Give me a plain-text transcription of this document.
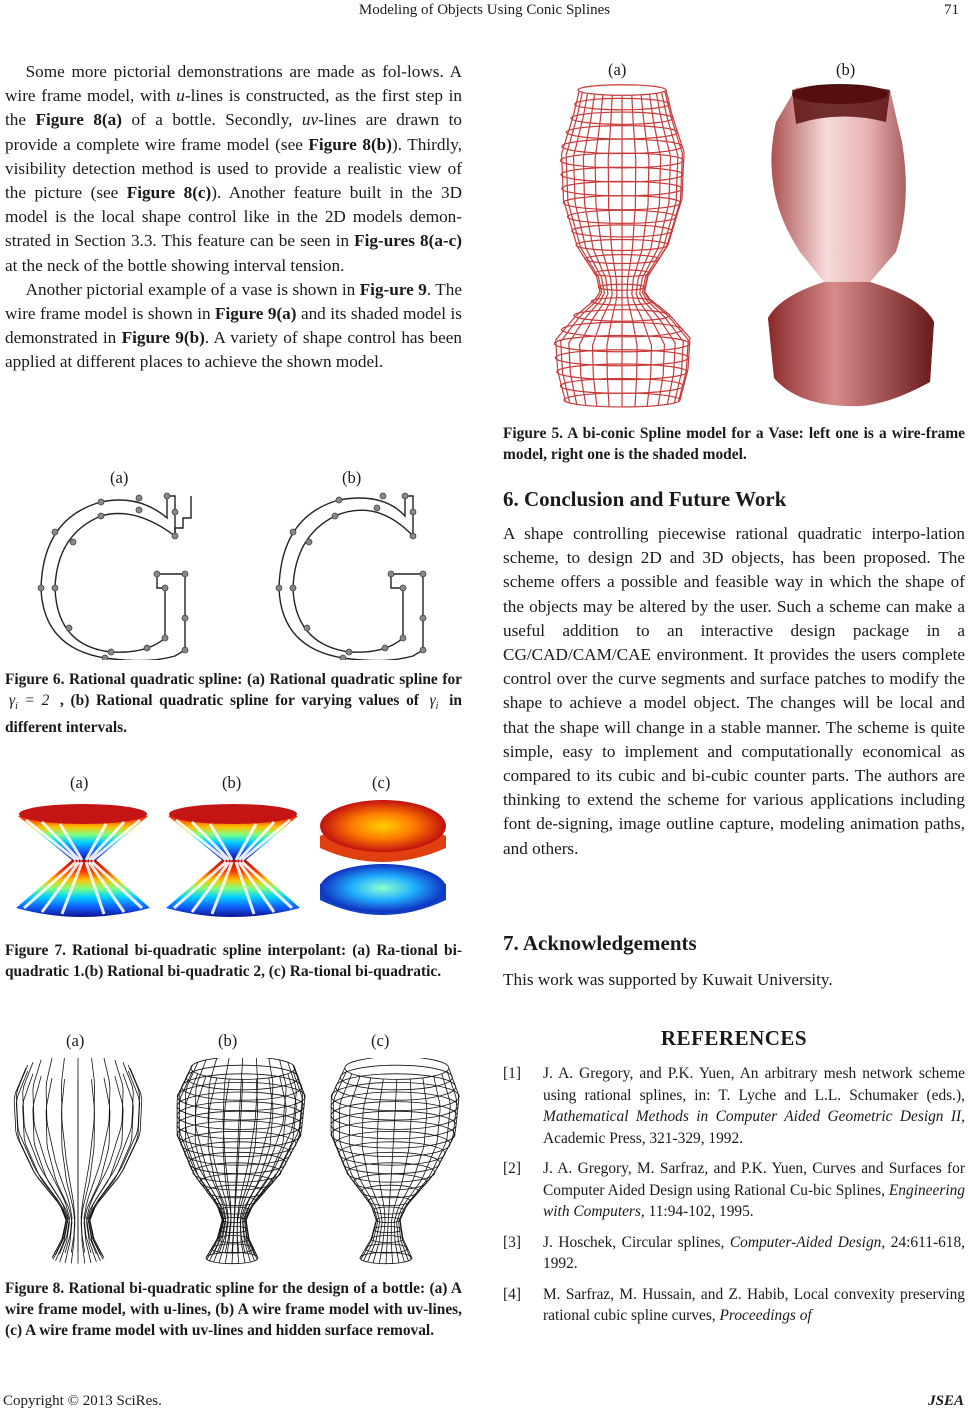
Modeling of Objects Using Conic Splines	71

Some more pictorial demonstrations are made as fol-lows. A wire frame model, with u-lines is constructed, as the first step in the Figure 8(a) of a bottle. Secondly, uv-lines are drawn to provide a complete wire frame model (see Figure 8(b)). Thirdly, visibility detection method is used to provide a realistic view of the picture (see Figure 8(c)). Another feature built in the 3D model is the local shape control like in the 2D models demon-strated in Section 3.3. This feature can be seen in Fig-ures 8(a-c) at the neck of the bottle showing interval tension.

Another pictorial example of a vase is shown in Fig-ure 9. The wire frame model is shown in Figure 9(a) and its shaded model is demonstrated in Figure 9(b). A variety of shape control has been applied at different places to achieve the shown model.

(a)	(b)

Figure 6. Rational quadratic spline: (a) Rational quadratic spline for $\gamma_i = 2$ , (b) Rational quadratic spline for varying values of $\gamma_i$ in different intervals.

(a)	(b)	(c)

Figure 7. Rational bi-quadratic spline interpolant: (a) Ra-tional bi-quadratic 1.(b) Rational bi-quadratic 2, (c) Ra-tional bi-quadratic.

(a)	(b)	(c)

Figure 8. Rational bi-quadratic spline for the design of a bottle: (a) A wire frame model, with u-lines, (b) A wire frame model with uv-lines, (c) A wire frame model with uv-lines and hidden surface removal.

(a)	(b)

Figure 5. A bi-conic Spline model for a Vase: left one is a wire-frame model, right one is the shaded model.

6. Conclusion and Future Work

A shape controlling piecewise rational quadratic interpo-lation scheme, to design 2D and 3D objects, has been proposed. The scheme offers a possible and feasible way in which the shape of the objects may be altered by the user. Such a scheme can make a useful addition to an interactive design package in a CG/CAD/CAM/CAE environment. It provides the users complete control over the curve segments and surface patches to modify the shape to achieve a model object. The changes will be local and that the shape will change in a stable manner. The scheme is quite simple, easy to implement and computationally economical as compared to its cubic and bi-cubic counter parts. The authors are thinking to extend the scheme for various applications including font de-signing, image outline capture, modeling animation paths, and others.

7. Acknowledgements

This work was supported by Kuwait University.

REFERENCES

[1]	J. A. Gregory, and P.K. Yuen, An arbitrary mesh network scheme using rational splines, in: T. Lyche and L.L. Schumaker (eds.), Mathematical Methods in Computer Aided Geometric Design II, Academic Press, 321-329, 1992.
[2]	J. A. Gregory, M. Sarfraz, and P.K. Yuen, Curves and Surfaces for Computer Aided Design using Rational Cu-bic Splines, Engineering with Computers, 11:94-102, 1995.
[3]	J. Hoschek, Circular splines, Computer-Aided Design, 24:611-618, 1992.
[4]	M. Sarfraz, M. Hussain, and Z. Habib, Local convexity preserving rational cubic spline curves, Proceedings of
Copyright © 2013 SciRes.	JSEA
